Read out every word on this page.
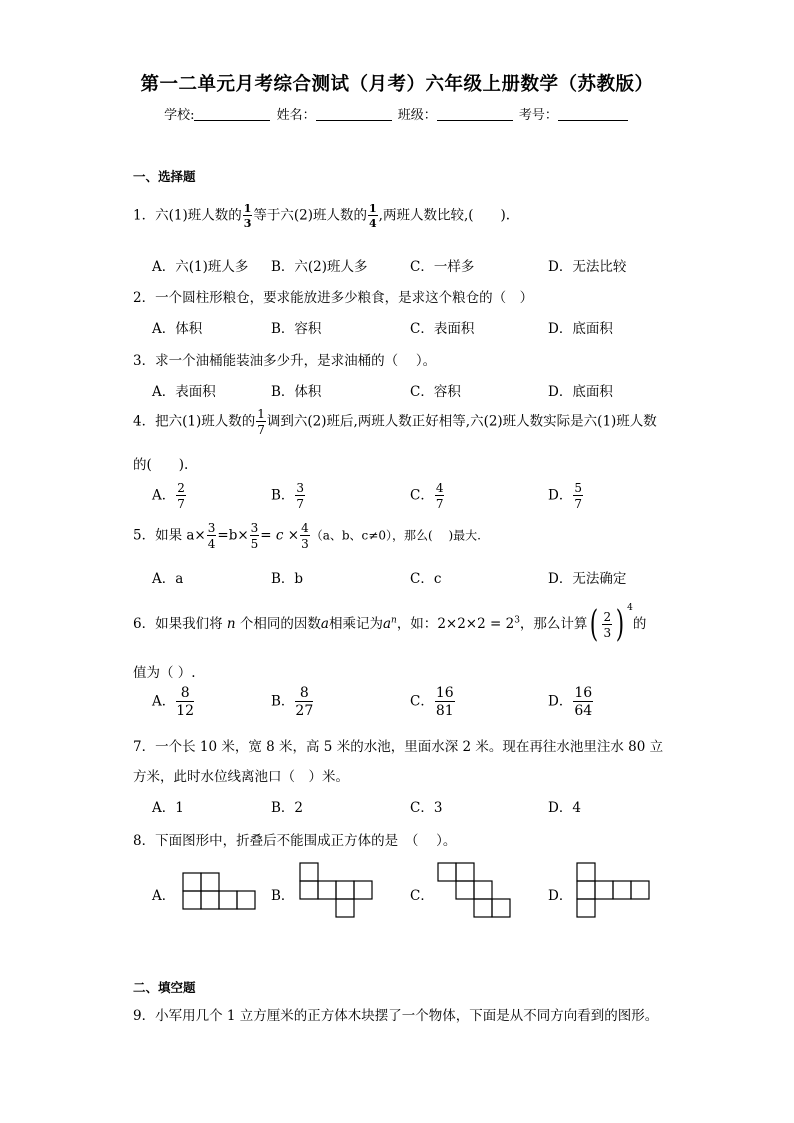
第一二单元月考综合测试（月考）六年级上册数学（苏教版）
学校:	姓名：	班级：	考号：
一、选择题
1．六(1)班人数的 $\frac{1}{3}$ 等于六(2)班人数的 $\frac{1}{4}$ ,两班人数比较,(　　).
A．六(1)班人多 B．六(2)班人多	C．一样多	D．无法比较
2．一个圆柱形粮仓，要求能放进多少粮食，是求这个粮仓的（　）
A．体积	B．容积	C．表面积	D．底面积
3．求一个油桶能装油多少升，是求油桶的（　 ）。
A．表面积	B．体积	C．容积	D．底面积
4．把六(1)班人数的 $\frac{1}{7}$ 调到六(2)班后,两班人数正好相等,六(2)班人数实际是六(1)班人数
的(　　).
A． $\frac{2}{7}$	B． $\frac{3}{7}$	C． $\frac{4}{7}$	D． $\frac{5}{7}$
5．如果 $a\times \frac{3}{4} =b\times \frac{3}{5} = c \times \frac{4}{3} (a$、b、c≠0），那么(　 )最大.
A．a	B．b	C．c	D．无法确定
6．如果我们将 n 个相同的因数a相乘记为$a^n$，如：$2\times 2\times 2 = 2^3$，那么计算( $\frac{2}{3}$ ) $^4$的
值为（ ）.
A． $\frac{8}{12}$	B． $\frac{8}{27}$	C． $\frac{16}{81}$	D． $\frac{16}{64}$
7．一个长 10 米，宽 8 米，高 5 米的水池，里面水深 2 米。现在再往水池里注水 80 立
方米，此时水位线离池口（　）米。
A．1	B．2	C．3	D．4
8．下面图形中，折叠后不能围成正方体的是　（　 ）。
A．	B．	C．	D．
二、填空题
9．小军用几个 1 立方厘米的正方体木块摆了一个物体，下面是从不同方向看到的图形。
